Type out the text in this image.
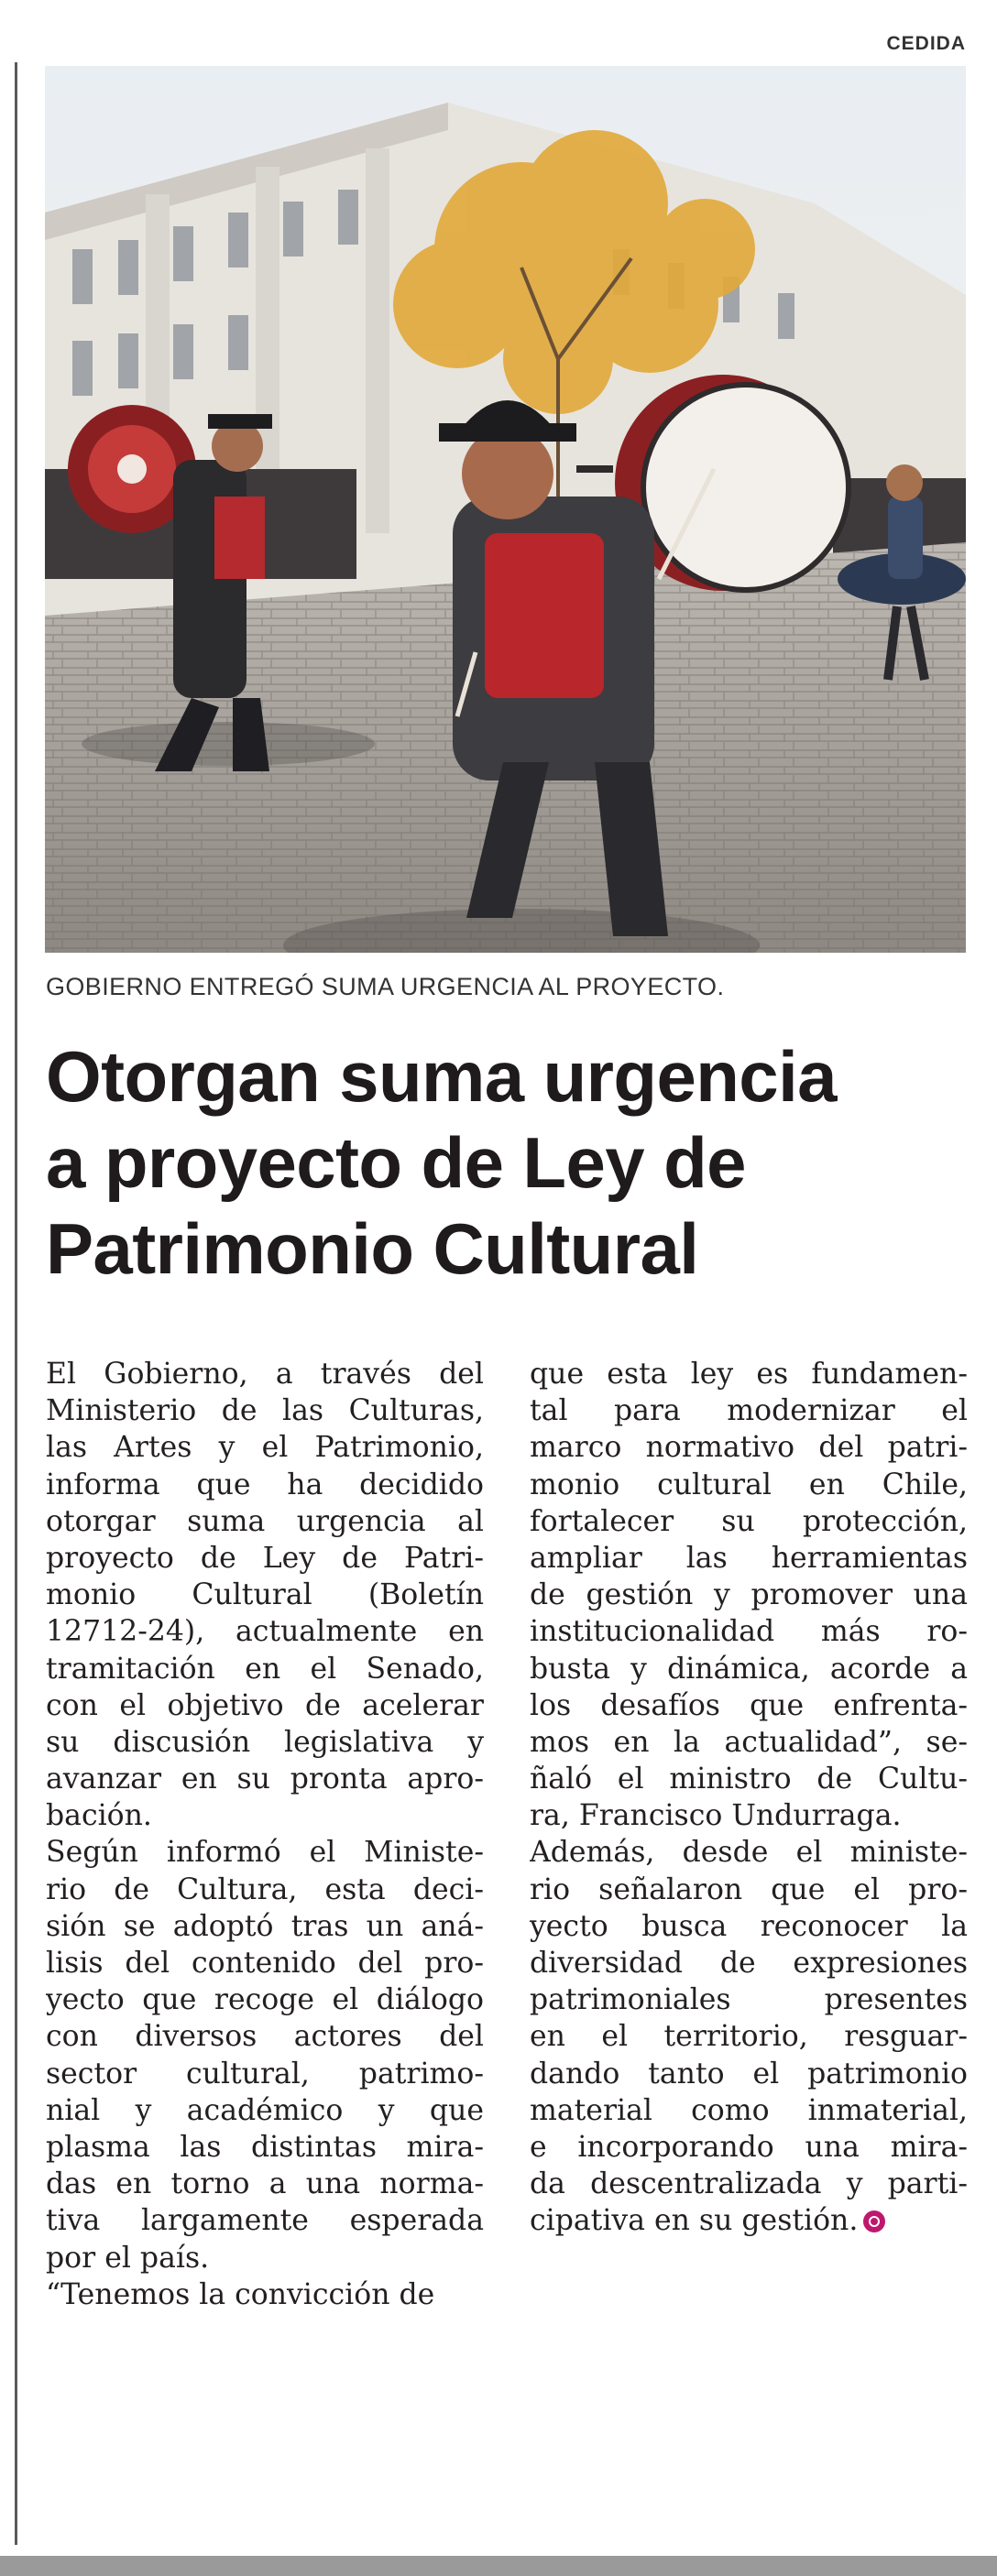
CEDIDA
GOBIERNO ENTREGÓ SUMA URGENCIA AL PROYECTO.
Otorgan suma urgencia
a proyecto de Ley de
Patrimonio Cultural
El Gobierno, a través del
Ministerio de las Culturas,
las Artes y el Patrimonio,
informa que ha decidido
otorgar suma urgencia al
proyecto de Ley de Patri-
monio Cultural (Boletín
12712-24), actualmente en
tramitación en el Senado,
con el objetivo de acelerar
su discusión legislativa y
avanzar en su pronta apro-
bación.
Según informó el Ministe-
rio de Cultura, esta deci-
sión se adoptó tras un aná-
lisis del contenido del pro-
yecto que recoge el diálogo
con diversos actores del
sector cultural, patrimo-
nial y académico y que
plasma las distintas mira-
das en torno a una norma-
tiva largamente esperada
por el país.
“Tenemos la convicción de
que esta ley es fundamen-
tal para modernizar el
marco normativo del patri-
monio cultural en Chile,
fortalecer su protección,
ampliar las herramientas
de gestión y promover una
institucionalidad más ro-
busta y dinámica, acorde a
los desafíos que enfrenta-
mos en la actualidad”, se-
ñaló el ministro de Cultu-
ra, Francisco Undurraga.
Además, desde el ministe-
rio señalaron que el pro-
yecto busca reconocer la
diversidad de expresiones
patrimoniales presentes
en el territorio, resguar-
dando tanto el patrimonio
material como inmaterial,
e incorporando una mira-
da descentralizada y parti-
cipativa en su gestión.
